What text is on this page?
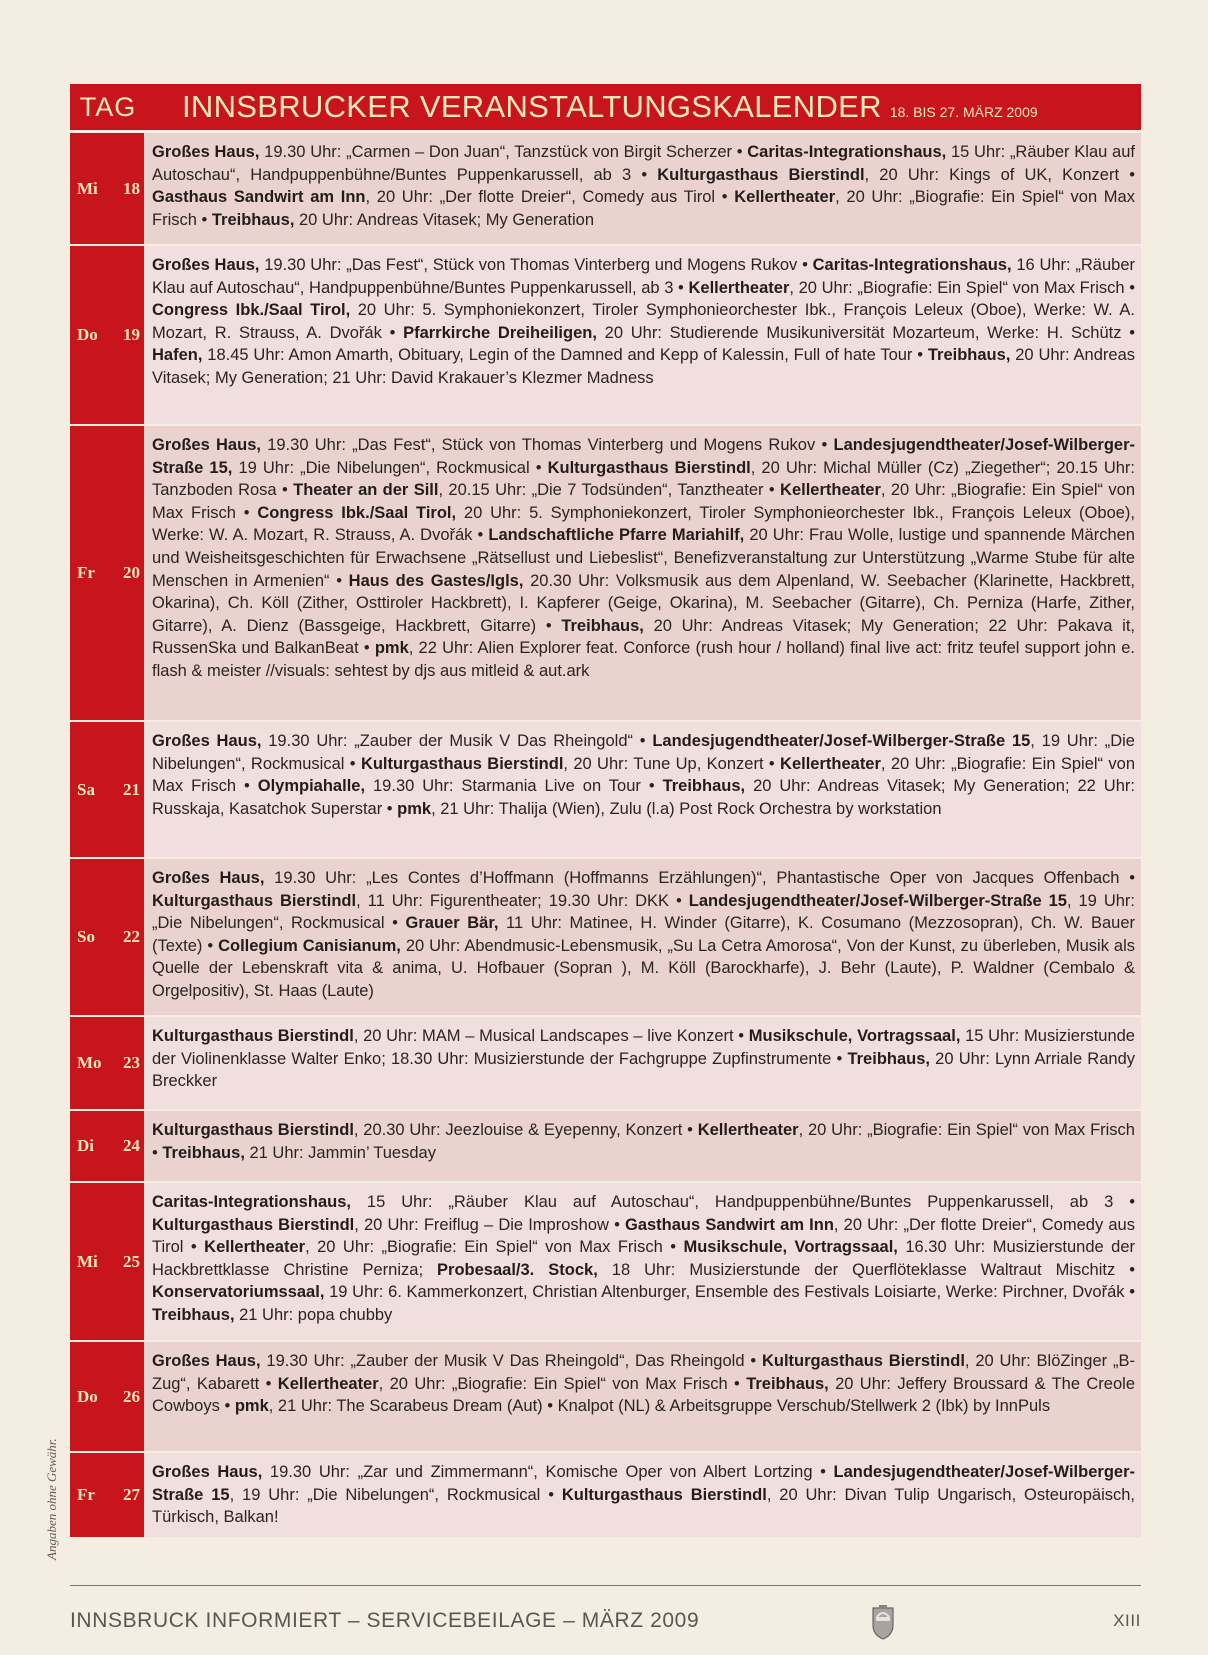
TAG	INNSBRUCKER VERANSTALTUNGSKALENDER 18. BIS 27. MÄRZ 2009
Mi 18
Großes Haus, 19.30 Uhr: „Carmen – Don Juan“, Tanzstück von Birgit Scherzer • Caritas-Integrationshaus, 15 Uhr: „Räuber Klau auf Autoschau“, Handpuppenbühne/Buntes Puppenkarussell, ab 3 • Kulturgasthaus Bierstindl, 20 Uhr: Kings of UK, Konzert • Gasthaus Sandwirt am Inn, 20 Uhr: „Der flotte Dreier“, Comedy aus Tirol • Kellertheater, 20 Uhr: „Biografie: Ein Spiel“ von Max Frisch • Treibhaus, 20 Uhr: Andreas Vitasek; My Generation
Do 19
Großes Haus, 19.30 Uhr: „Das Fest“, Stück von Thomas Vinterberg und Mogens Rukov • Caritas-Integrationshaus, 16 Uhr: „Räuber Klau auf Autoschau“, Handpuppenbühne/Buntes Puppenkarussell, ab 3 • Kellertheater, 20 Uhr: „Biografie: Ein Spiel“ von Max Frisch • Congress Ibk./Saal Tirol, 20 Uhr: 5. Symphoniekonzert, Tiroler Symphonieorchester Ibk., François Leleux (Oboe), Werke: W. A. Mozart, R. Strauss, A. Dvořák • Pfarrkirche Dreiheiligen, 20 Uhr: Studierende Musikuniversität Mozarteum, Werke: H. Schütz • Hafen, 18.45 Uhr: Amon Amarth, Obituary, Legin of the Damned and Kepp of Kalessin, Full of hate Tour • Treibhaus, 20 Uhr: Andreas Vitasek; My Generation; 21 Uhr: David Krakauer’s Klezmer Madness
Fr 20
Großes Haus, 19.30 Uhr: „Das Fest“, Stück von Thomas Vinterberg und Mogens Rukov • Landesjugendtheater/Josef-Wilberger-Straße 15, 19 Uhr: „Die Nibelungen“, Rockmusical • Kulturgasthaus Bierstindl, 20 Uhr: Michal Müller (Cz) „Ziegether“; 20.15 Uhr: Tanzboden Rosa • Theater an der Sill, 20.15 Uhr: „Die 7 Todsünden“, Tanztheater • Kellertheater, 20 Uhr: „Biografie: Ein Spiel“ von Max Frisch • Congress Ibk./Saal Tirol, 20 Uhr: 5. Symphoniekonzert, Tiroler Symphonieorchester Ibk., François Leleux (Oboe), Werke: W. A. Mozart, R. Strauss, A. Dvořák • Landschaftliche Pfarre Mariahilf, 20 Uhr: Frau Wolle, lustige und spannende Märchen und Weisheitsgeschichten für Erwachsene „Rätsellust und Liebeslist“, Benefizveranstaltung zur Unterstützung „Warme Stube für alte Menschen in Armenien“ • Haus des Gastes/Igls, 20.30 Uhr: Volksmusik aus dem Alpenland, W. Seebacher (Klarinette, Hackbrett, Okarina), Ch. Köll (Zither, Osttiroler Hackbrett), I. Kapferer (Geige, Okarina), M. Seebacher (Gitarre), Ch. Perniza (Harfe, Zither, Gitarre), A. Dienz (Bassgeige, Hackbrett, Gitarre) • Treibhaus, 20 Uhr: Andreas Vitasek; My Generation; 22 Uhr: Pakava it, RussenSka und BalkanBeat • pmk, 22 Uhr: Alien Explorer feat. Conforce (rush hour / holland) final live act: fritz teufel support john e. flash & meister //visuals: sehtest by djs aus mitleid & aut.ark
Sa 21
Großes Haus, 19.30 Uhr: „Zauber der Musik V Das Rheingold“ • Landesjugendtheater/Josef-Wilberger-Straße 15, 19 Uhr: „Die Nibelungen“, Rockmusical • Kulturgasthaus Bierstindl, 20 Uhr: Tune Up, Konzert • Kellertheater, 20 Uhr: „Biografie: Ein Spiel“ von Max Frisch • Olympiahalle, 19.30 Uhr: Starmania Live on Tour • Treibhaus, 20 Uhr: Andreas Vitasek; My Generation; 22 Uhr: Russkaja, Kasatchok Superstar • pmk, 21 Uhr: Thalija (Wien), Zulu (l.a) Post Rock Orchestra by workstation
So 22
Großes Haus, 19.30 Uhr: „Les Contes d’Hoffmann (Hoffmanns Erzählungen)“, Phantastische Oper von Jacques Offenbach • Kulturgasthaus Bierstindl, 11 Uhr: Figurentheater; 19.30 Uhr: DKK • Landesjugendtheater/Josef-Wilberger-Straße 15, 19 Uhr: „Die Nibelungen“, Rockmusical • Grauer Bär, 11 Uhr: Matinee, H. Winder (Gitarre), K. Cosumano (Mezzosopran), Ch. W. Bauer (Texte) • Collegium Canisianum, 20 Uhr: Abendmusic-Lebensmusik, „Su La Cetra Amorosa“, Von der Kunst, zu überleben, Musik als Quelle der Lebenskraft vita & anima, U. Hofbauer (Sopran ), M. Köll (Barockharfe), J. Behr (Laute), P. Waldner (Cembalo & Orgelpositiv), St. Haas (Laute)
Mo 23
Kulturgasthaus Bierstindl, 20 Uhr: MAM – Musical Landscapes – live Konzert • Musikschule, Vortragssaal, 15 Uhr: Musizierstunde der Violinenklasse Walter Enko; 18.30 Uhr: Musizierstunde der Fachgruppe Zupfinstrumente • Treibhaus, 20 Uhr: Lynn Arriale Randy Breckker
Di 24
Kulturgasthaus Bierstindl, 20.30 Uhr: Jeezlouise & Eyepenny, Konzert • Kellertheater, 20 Uhr: „Biografie: Ein Spiel“ von Max Frisch • Treibhaus, 21 Uhr: Jammin’ Tuesday
Mi 25
Caritas-Integrationshaus, 15 Uhr: „Räuber Klau auf Autoschau“, Handpuppenbühne/Buntes Puppenkarussell, ab 3 • Kulturgasthaus Bierstindl, 20 Uhr: Freiflug – Die Improshow • Gasthaus Sandwirt am Inn, 20 Uhr: „Der flotte Dreier“, Comedy aus Tirol • Kellertheater, 20 Uhr: „Biografie: Ein Spiel“ von Max Frisch • Musikschule, Vortragssaal, 16.30 Uhr: Musizierstunde der Hackbrettklasse Christine Perniza; Probesaal/3. Stock, 18 Uhr: Musizierstunde der Querflöteklasse Waltraut Mischitz • Konservatoriumssaal, 19 Uhr: 6. Kammerkonzert, Christian Altenburger, Ensemble des Festivals Loisiarte, Werke: Pirchner, Dvořák • Treibhaus, 21 Uhr: popa chubby
Do 26
Großes Haus, 19.30 Uhr: „Zauber der Musik V Das Rheingold“, Das Rheingold • Kulturgasthaus Bierstindl, 20 Uhr: BlöZinger „B-Zug“, Kabarett • Kellertheater, 20 Uhr: „Biografie: Ein Spiel“ von Max Frisch • Treibhaus, 20 Uhr: Jeffery Broussard & The Creole Cowboys • pmk, 21 Uhr: The Scarabeus Dream (Aut) • Knalpot (NL) & Arbeitsgruppe Verschub/Stellwerk 2 (Ibk) by InnPuls
Fr 27
Großes Haus, 19.30 Uhr: „Zar und Zimmermann“, Komische Oper von Albert Lortzing • Landesjugendtheater/Josef-Wilberger-Straße 15, 19 Uhr: „Die Nibelungen“, Rockmusical • Kulturgasthaus Bierstindl, 20 Uhr: Divan Tulip Ungarisch, Osteuropäisch, Türkisch, Balkan!
Angaben ohne Gewähr.
INNSBRUCK INFORMIERT – SERVICEBEILAGE – MÄRZ 2009	XIII
